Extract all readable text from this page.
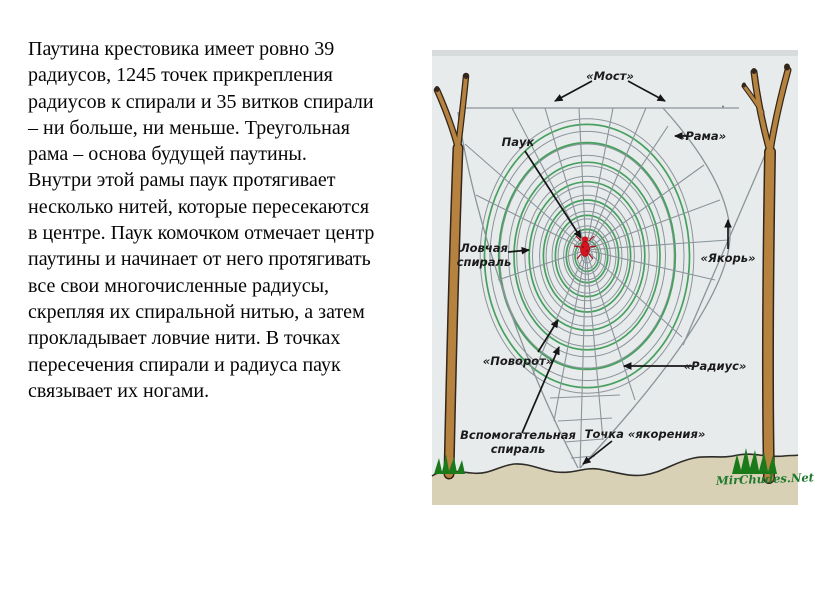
Паутина крестовика имеет ровно 39
радиусов, 1245 точек прикрепления
радиусов к спирали и 35 витков спирали
– ни больше, ни меньше. Треугольная
рама – основа будущей паутины.
Внутри этой рамы паук протягивает
несколько нитей, которые пересекаются
в центре. Паук комочком отмечает центр
паутины и начинает от него протягивать
все свои многочисленные радиусы,
скрепляя их спиральной нитью, а затем
прокладывает ловчие нити. В точках
пересечения спирали и радиуса паук
связывает их ногами.
«Мост»
Паук	«Рама»
«Якорь»
Ловчая спираль
«Поворот»	«Радиус»
Вспомогательная спираль
Точка «якорения»
MirChudes.Net
